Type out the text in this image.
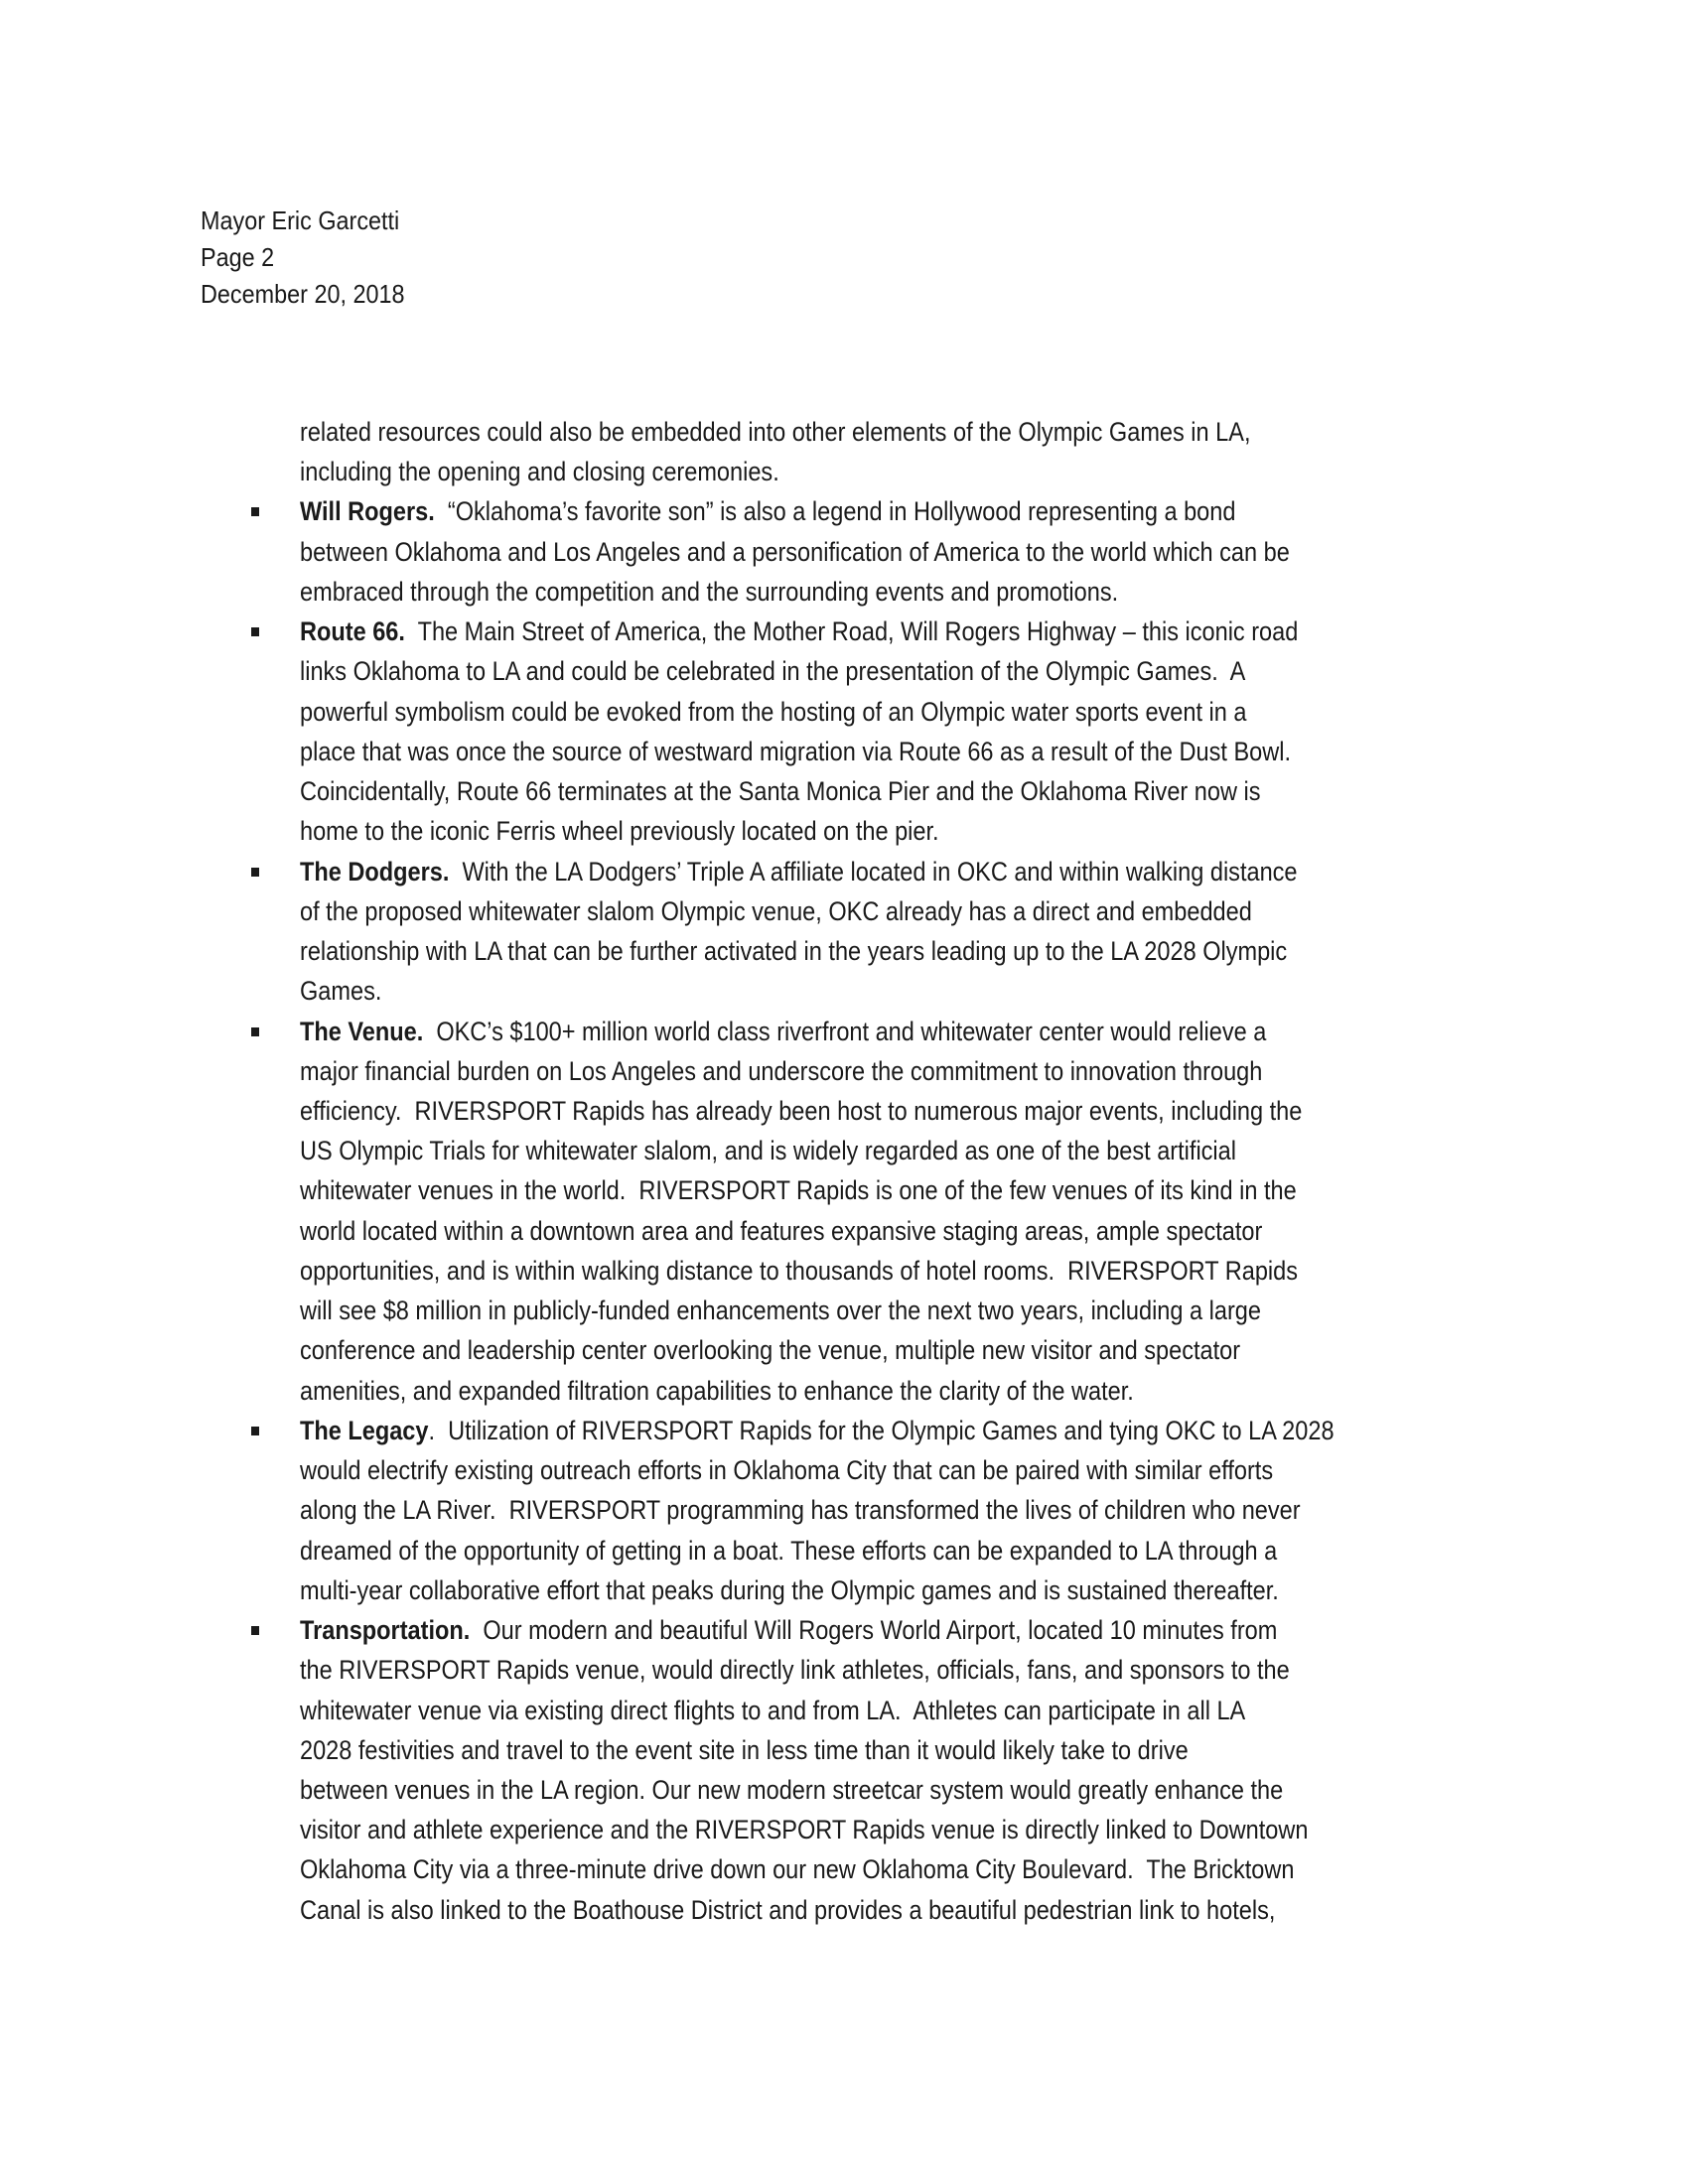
Mayor Eric Garcetti
Page 2
December 20, 2018
related resources could also be embedded into other elements of the Olympic Games in LA,
including the opening and closing ceremonies.
Will Rogers.  “Oklahoma’s favorite son” is also a legend in Hollywood representing a bond
between Oklahoma and Los Angeles and a personification of America to the world which can be
embraced through the competition and the surrounding events and promotions.
Route 66.  The Main Street of America, the Mother Road, Will Rogers Highway – this iconic road
links Oklahoma to LA and could be celebrated in the presentation of the Olympic Games.  A
powerful symbolism could be evoked from the hosting of an Olympic water sports event in a
place that was once the source of westward migration via Route 66 as a result of the Dust Bowl.
Coincidentally, Route 66 terminates at the Santa Monica Pier and the Oklahoma River now is
home to the iconic Ferris wheel previously located on the pier.
The Dodgers.  With the LA Dodgers’ Triple A affiliate located in OKC and within walking distance
of the proposed whitewater slalom Olympic venue, OKC already has a direct and embedded
relationship with LA that can be further activated in the years leading up to the LA 2028 Olympic
Games.
The Venue.  OKC’s $100+ million world class riverfront and whitewater center would relieve a
major financial burden on Los Angeles and underscore the commitment to innovation through
efficiency.  RIVERSPORT Rapids has already been host to numerous major events, including the
US Olympic Trials for whitewater slalom, and is widely regarded as one of the best artificial
whitewater venues in the world.  RIVERSPORT Rapids is one of the few venues of its kind in the
world located within a downtown area and features expansive staging areas, ample spectator
opportunities, and is within walking distance to thousands of hotel rooms.  RIVERSPORT Rapids
will see $8 million in publicly-funded enhancements over the next two years, including a large
conference and leadership center overlooking the venue, multiple new visitor and spectator
amenities, and expanded filtration capabilities to enhance the clarity of the water.
The Legacy.  Utilization of RIVERSPORT Rapids for the Olympic Games and tying OKC to LA 2028
would electrify existing outreach efforts in Oklahoma City that can be paired with similar efforts
along the LA River.  RIVERSPORT programming has transformed the lives of children who never
dreamed of the opportunity of getting in a boat. These efforts can be expanded to LA through a
multi-year collaborative effort that peaks during the Olympic games and is sustained thereafter.
Transportation.  Our modern and beautiful Will Rogers World Airport, located 10 minutes from
the RIVERSPORT Rapids venue, would directly link athletes, officials, fans, and sponsors to the
whitewater venue via existing direct flights to and from LA.  Athletes can participate in all LA
2028 festivities and travel to the event site in less time than it would likely take to drive
between venues in the LA region. Our new modern streetcar system would greatly enhance the
visitor and athlete experience and the RIVERSPORT Rapids venue is directly linked to Downtown
Oklahoma City via a three-minute drive down our new Oklahoma City Boulevard.  The Bricktown
Canal is also linked to the Boathouse District and provides a beautiful pedestrian link to hotels,
